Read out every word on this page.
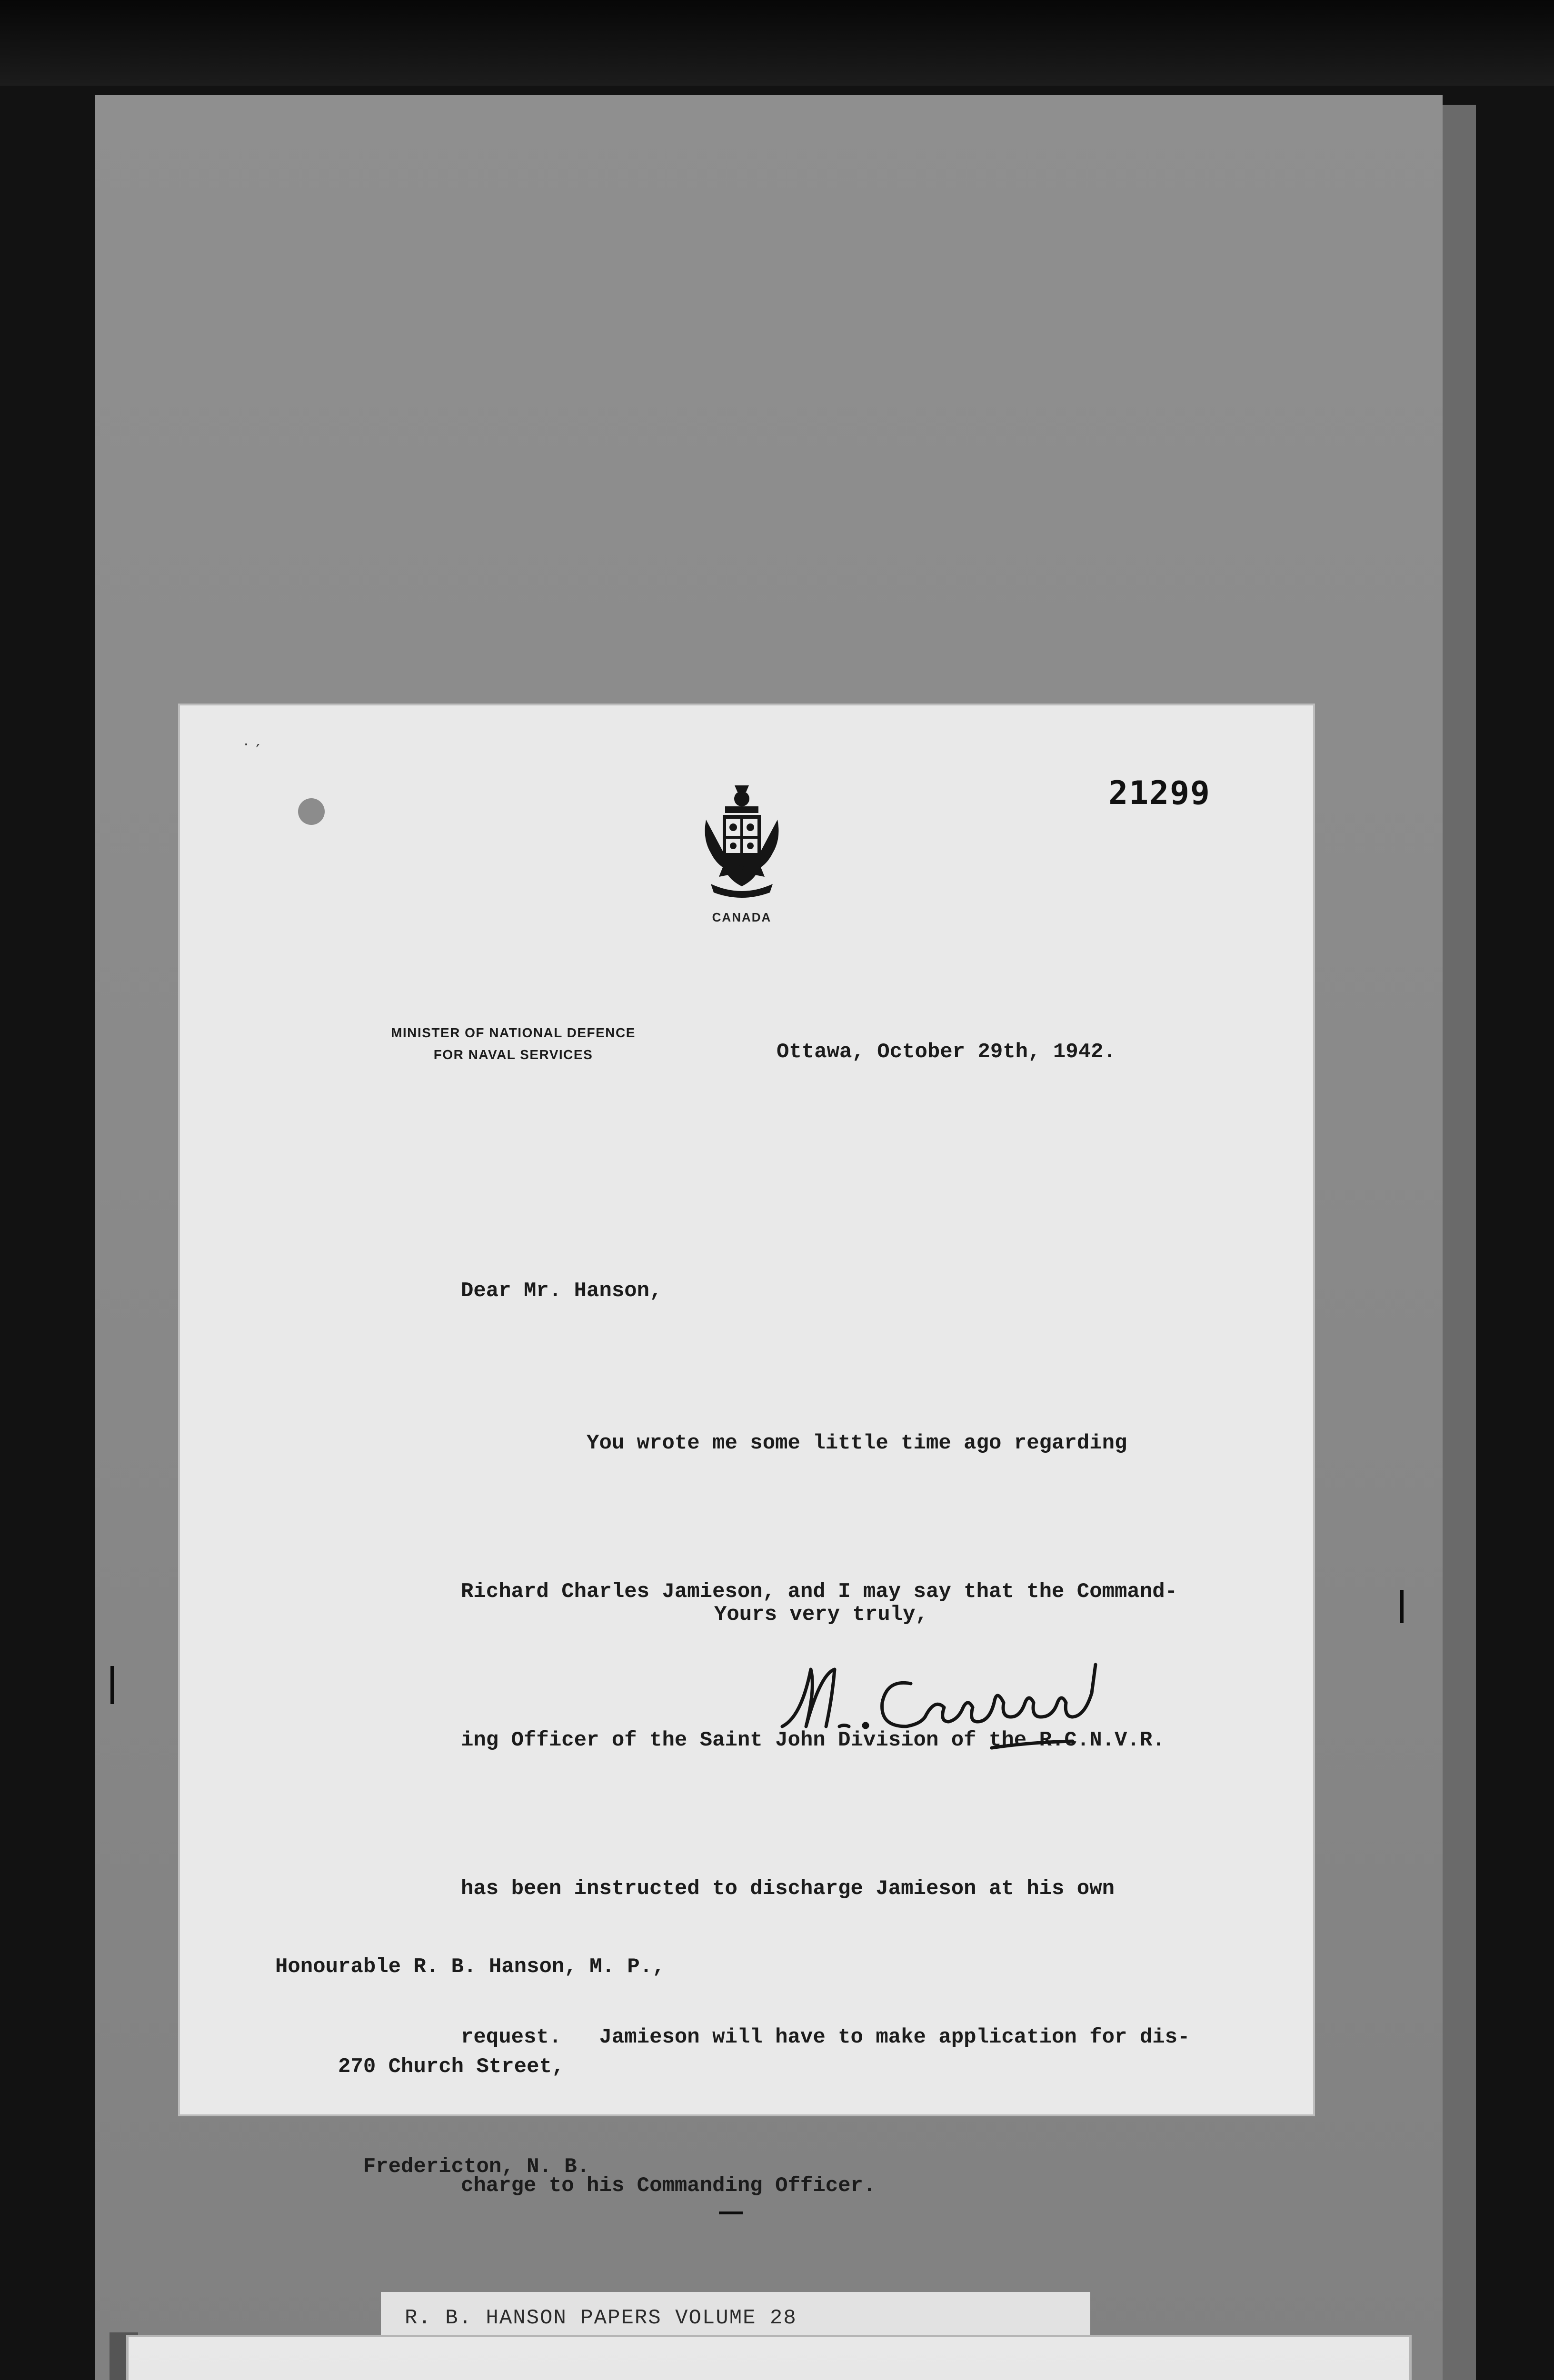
˙ ′
21299
CANADA
MINISTER OF NATIONAL DEFENCE
FOR NAVAL SERVICES	Ottawa, October 29th, 1942.
Dear Mr. Hanson,

You wrote me some little time ago regarding

Richard Charles Jamieson, and I may say that the Command-

ing Officer of the Saint John Division of the R.C.N.V.R.

has been instructed to discharge Jamieson at his own

request.   Jamieson will have to make application for dis-

charge to his Commanding Officer.

Yours very truly,

Honourable R. B. Hanson, M. P.,

270 Church Street,

Fredericton, N. B.

R. B. HANSON PAPERS VOLUME 28
